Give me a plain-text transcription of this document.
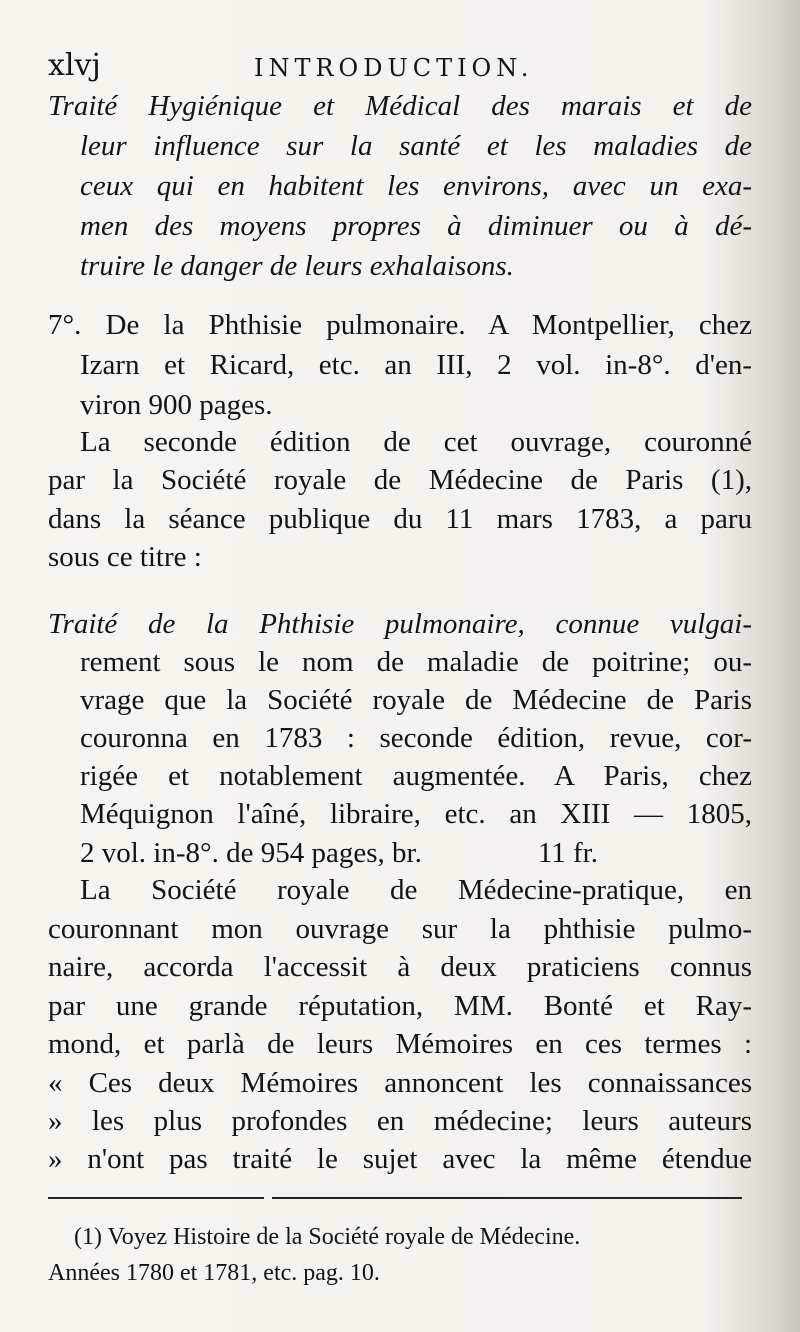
xlvj	INTRODUCTION.
Traité Hygiénique et Médical des marais et de
leur influence sur la santé et les maladies de
ceux qui en habitent les environs, avec un exa-
men des moyens propres à diminuer ou à dé-
truire le danger de leurs exhalaisons.
7°. De la Phthisie pulmonaire. A Montpellier, chez
Izarn et Ricard, etc. an III, 2 vol. in-8°. d'en-
viron 900 pages.
La seconde édition de cet ouvrage, couronné
par la Société royale de Médecine de Paris (1),
dans la séance publique du 11 mars 1783, a paru
sous ce titre :
Traité de la Phthisie pulmonaire, connue vulgai-
rement sous le nom de maladie de poitrine; ou-
vrage que la Société royale de Médecine de Paris
couronna en 1783 : seconde édition, revue, cor-
rigée et notablement augmentée. A Paris, chez
Méquignon l'aîné, libraire, etc. an XIII — 1805,
2 vol. in-8°. de 954 pages, br.                11 fr.
La Société royale de Médecine-pratique, en
couronnant mon ouvrage sur la phthisie pulmo-
naire, accorda l'accessit à deux praticiens connus
par une grande réputation, MM. Bonté et Ray-
mond, et parlà de leurs Mémoires en ces termes :
« Ces deux Mémoires annoncent les connaissances
» les plus profondes en médecine; leurs auteurs
» n'ont pas traité le sujet avec la même étendue
(1) Voyez Histoire de la Société royale de Médecine.
Années 1780 et 1781, etc. pag. 10.
